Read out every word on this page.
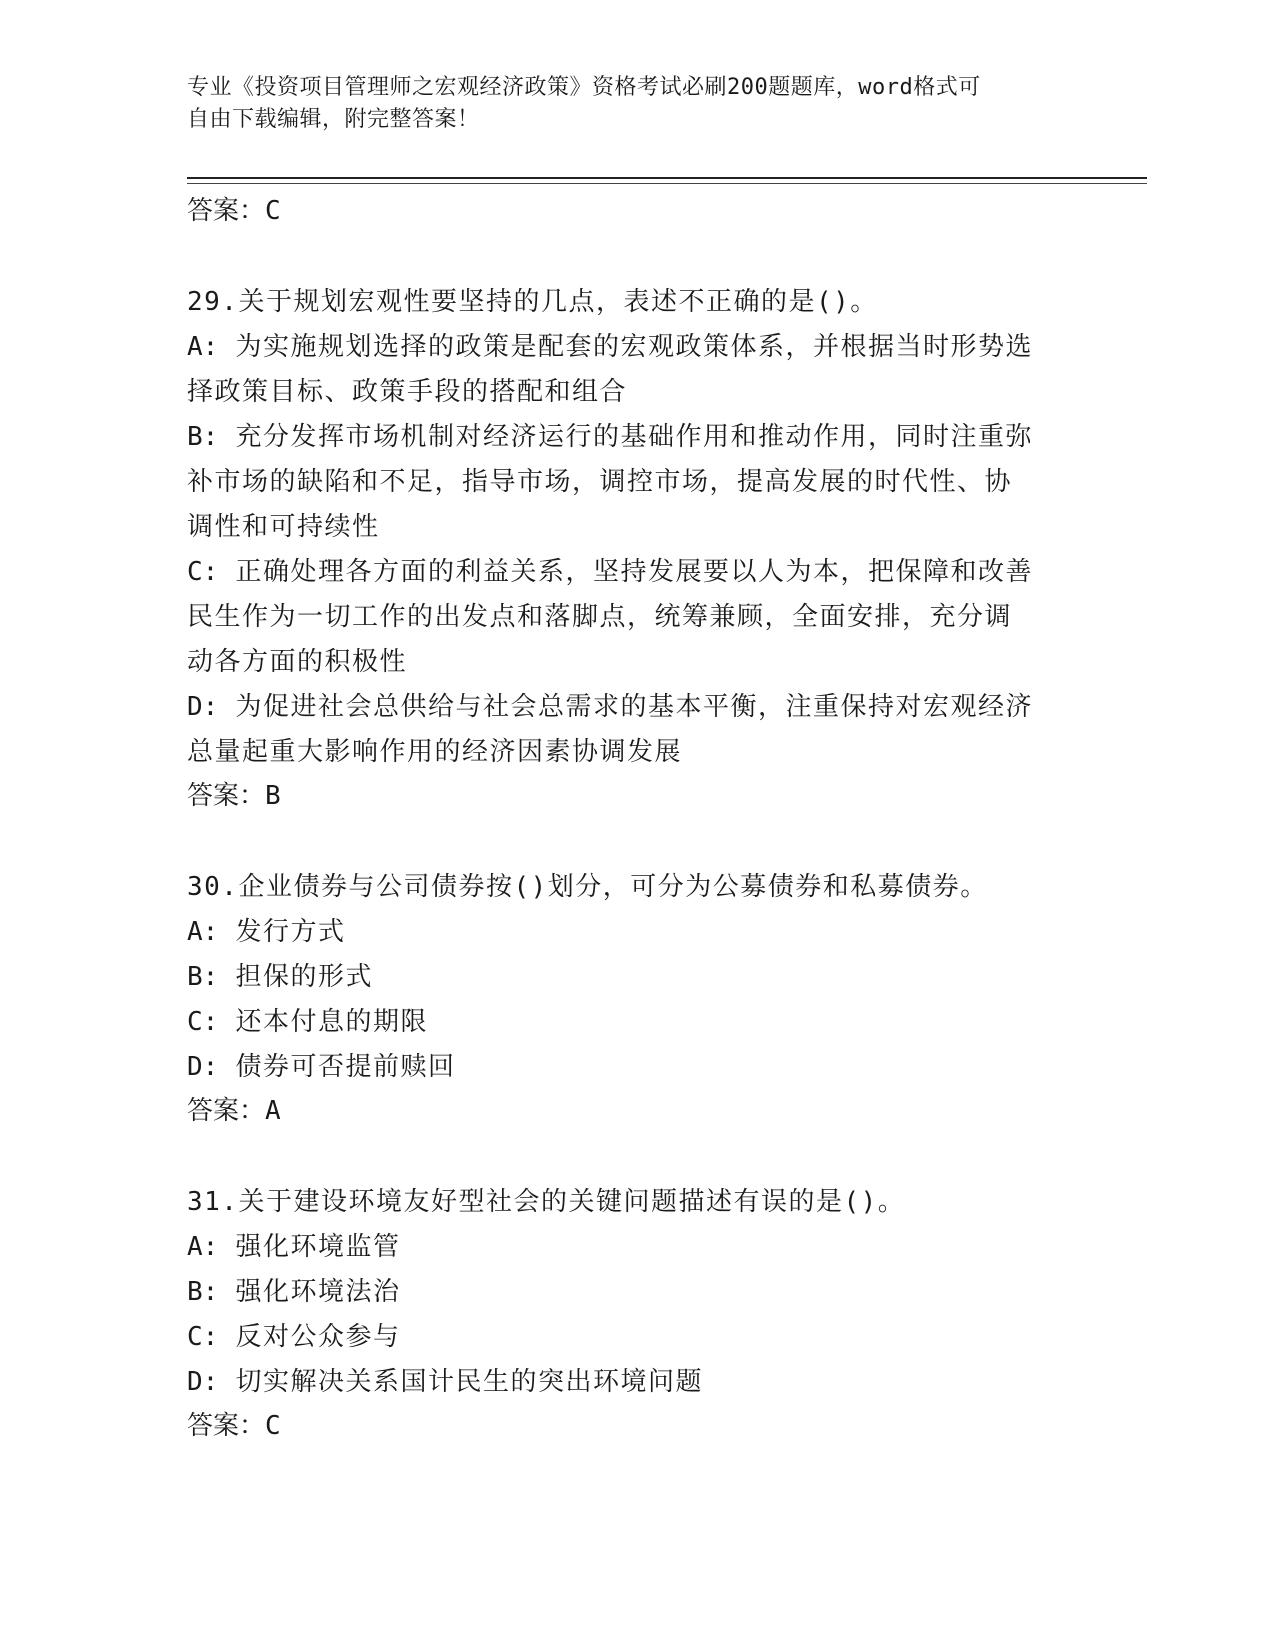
专业《投资项目管理师之宏观经济政策》资格考试必刷200题题库，word格式可
自由下载编辑，附完整答案！

答案：C

29.关于规划宏观性要坚持的几点，表述不正确的是()。

A: 为实施规划选择的政策是配套的宏观政策体系，并根据当时形势选

择政策目标、政策手段的搭配和组合

B: 充分发挥市场机制对经济运行的基础作用和推动作用，同时注重弥

补市场的缺陷和不足，指导市场，调控市场，提高发展的时代性、协

调性和可持续性

C: 正确处理各方面的利益关系，坚持发展要以人为本，把保障和改善

民生作为一切工作的出发点和落脚点，统筹兼顾，全面安排，充分调

动各方面的积极性

D: 为促进社会总供给与社会总需求的基本平衡，注重保持对宏观经济

总量起重大影响作用的经济因素协调发展

答案：B

30.企业债券与公司债券按()划分，可分为公募债券和私募债券。

A: 发行方式

B: 担保的形式

C: 还本付息的期限

D: 债券可否提前赎回

答案：A

31.关于建设环境友好型社会的关键问题描述有误的是()。

A: 强化环境监管

B: 强化环境法治

C: 反对公众参与

D: 切实解决关系国计民生的突出环境问题

答案：C
